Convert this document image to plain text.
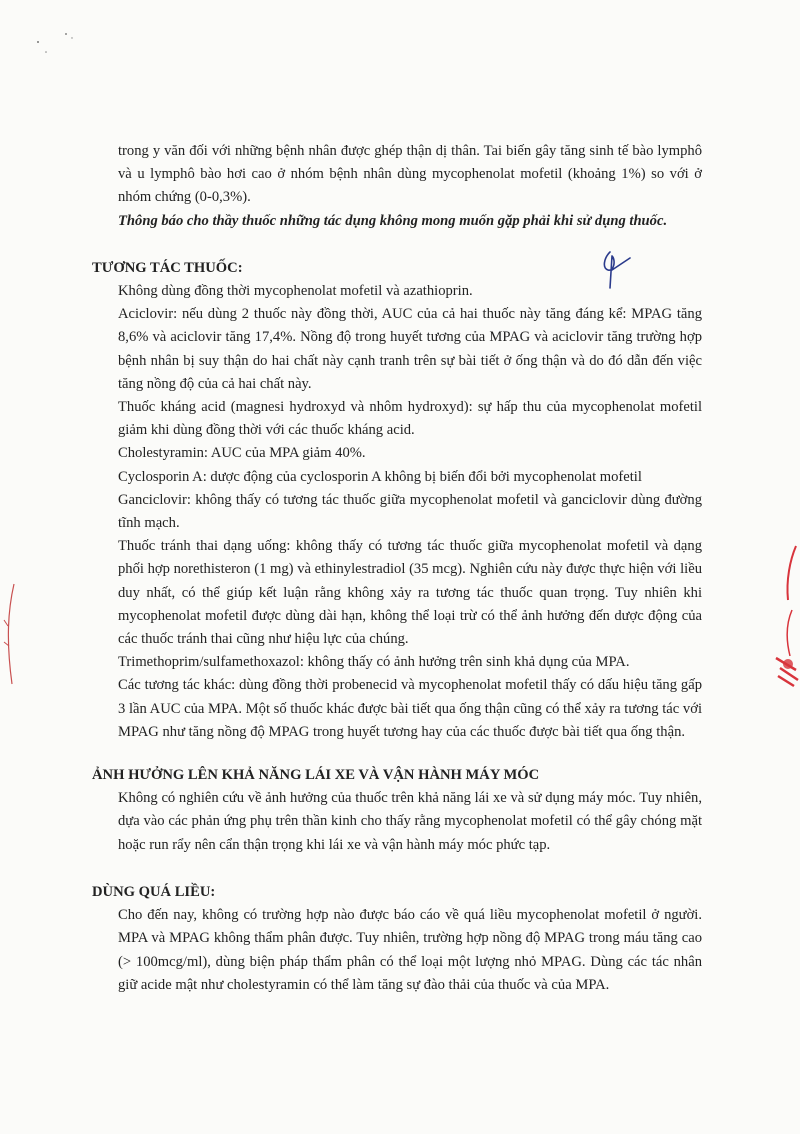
trong y văn đối với những bệnh nhân được ghép thận dị thân. Tai biến gây tăng sinh tế bào lymphô và u lymphô bào hơi cao ở nhóm bệnh nhân dùng mycophenolat mofetil (khoảng 1%) so với ở nhóm chứng (0-0,3%).

Thông báo cho thầy thuốc những tác dụng không mong muốn gặp phải khi sử dụng thuốc.

TƯƠNG TÁC THUỐC:

Không dùng đồng thời mycophenolat mofetil và azathioprin.

Aciclovir: nếu dùng 2 thuốc này đồng thời, AUC của cả hai thuốc này tăng đáng kể: MPAG tăng 8,6% và aciclovir tăng 17,4%. Nồng độ trong huyết tương của MPAG và aciclovir tăng trường hợp bệnh nhân bị suy thận do hai chất này cạnh tranh trên sự bài tiết ở ống thận và do đó dẫn đến việc tăng nồng độ của cả hai chất này.

Thuốc kháng acid (magnesi hydroxyd và nhôm hydroxyd): sự hấp thu của mycophenolat mofetil giảm khi dùng đồng thời với các thuốc kháng acid.

Cholestyramin: AUC của MPA giảm 40%.

Cyclosporin A: dược động của cyclosporin A không bị biến đổi bởi mycophenolat mofetil

Ganciclovir: không thấy có tương tác thuốc giữa mycophenolat mofetil và ganciclovir dùng đường tĩnh mạch.

Thuốc tránh thai dạng uống: không thấy có tương tác thuốc giữa mycophenolat mofetil và dạng phối hợp norethisteron (1 mg) và ethinylestradiol (35 mcg). Nghiên cứu này được thực hiện với liều duy nhất, có thể giúp kết luận rằng không xảy ra tương tác thuốc quan trọng. Tuy nhiên khi mycophenolat mofetil được dùng dài hạn, không thể loại trừ có thể ảnh hưởng đến dược động của các thuốc tránh thai cũng như hiệu lực của chúng.

Trimethoprim/sulfamethoxazol: không thấy có ảnh hưởng trên sinh khả dụng của MPA.

Các tương tác khác: dùng đồng thời probenecid và mycophenolat mofetil thấy có dấu hiệu tăng gấp 3 lần AUC của MPA. Một số thuốc khác được bài tiết qua ống thận cũng có thể xảy ra tương tác với MPAG như tăng nồng độ MPAG trong huyết tương hay của các thuốc được bài tiết qua ống thận.

ẢNH HƯỞNG LÊN KHẢ NĂNG LÁI XE VÀ VẬN HÀNH MÁY MÓC

Không có nghiên cứu về ảnh hưởng của thuốc trên khả năng lái xe và sử dụng máy móc. Tuy nhiên, dựa vào các phản ứng phụ trên thần kinh cho thấy rằng mycophenolat mofetil có thể gây chóng mặt hoặc run rẩy nên cẩn thận trọng khi lái xe và vận hành máy móc phức tạp.

DÙNG QUÁ LIỀU:

Cho đến nay, không có trường hợp nào được báo cáo về quá liều mycophenolat mofetil ở người. MPA và MPAG không thẩm phân được. Tuy nhiên, trường hợp nồng độ MPAG trong máu tăng cao (> 100mcg/ml), dùng biện pháp thẩm phân có thể loại một lượng nhỏ MPAG. Dùng các tác nhân giữ acide mật như cholestyramin có thể làm tăng sự đào thải của thuốc và của MPA.
